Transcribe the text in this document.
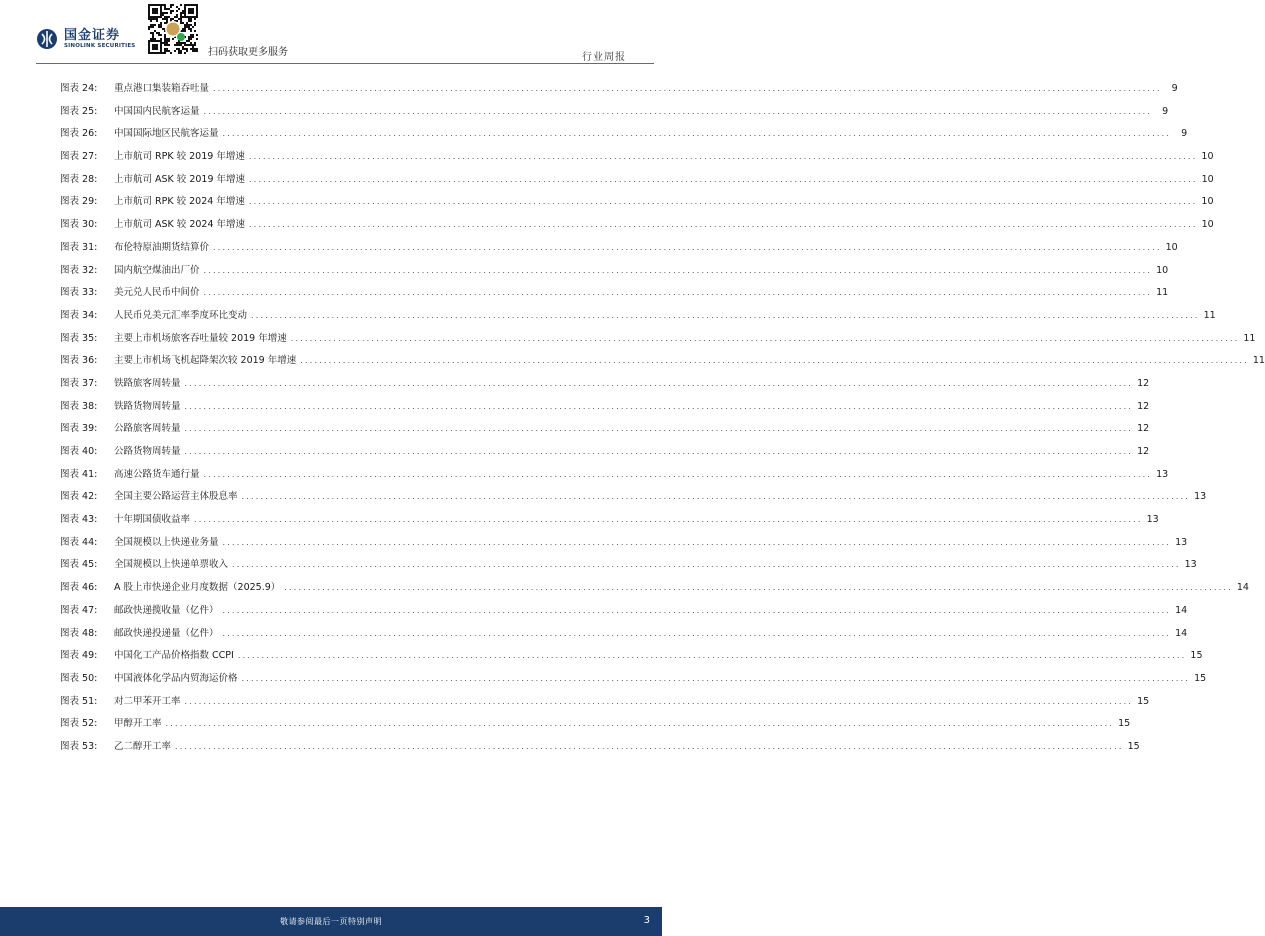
国金证券
SINOLINK SECURITIES
扫码获取更多服务	行业周报
图表 24:	重点港口集装箱吞吐量 ........................................................................................................................................................................................................	9
图表 25:	中国国内民航客运量 ........................................................................................................................................................................................................	9
图表 26:	中国国际地区民航客运量 ........................................................................................................................................................................................................	9
图表 27:	上市航司 RPK 较 2019 年增速 ........................................................................................................................................................................................................ 10
图表 28:	上市航司 ASK 较 2019 年增速 ........................................................................................................................................................................................................ 10
图表 29:	上市航司 RPK 较 2024 年增速 ........................................................................................................................................................................................................ 10
图表 30:	上市航司 ASK 较 2024 年增速 ........................................................................................................................................................................................................ 10
图表 31:	布伦特原油期货结算价 ........................................................................................................................................................................................................ 10
图表 32:	国内航空煤油出厂价 ........................................................................................................................................................................................................ 10
图表 33:	美元兑人民币中间价 ........................................................................................................................................................................................................ 11
图表 34:	人民币兑美元汇率季度环比变动 ........................................................................................................................................................................................................ 11
图表 35:	主要上市机场旅客吞吐量较 2019 年增速 ........................................................................................................................................................................................................ 11
图表 36:	主要上市机场飞机起降架次较 2019 年增速 ........................................................................................................................................................................................................ 11
图表 37:	铁路旅客周转量 ........................................................................................................................................................................................................ 12
图表 38:	铁路货物周转量 ........................................................................................................................................................................................................ 12
图表 39:	公路旅客周转量 ........................................................................................................................................................................................................ 12
图表 40:	公路货物周转量 ........................................................................................................................................................................................................ 12
图表 41:	高速公路货车通行量 ........................................................................................................................................................................................................ 13
图表 42:	全国主要公路运营主体股息率 ........................................................................................................................................................................................................ 13
图表 43:	十年期国债收益率 ........................................................................................................................................................................................................ 13
图表 44:	全国规模以上快递业务量 ........................................................................................................................................................................................................ 13
图表 45:	全国规模以上快递单票收入 ........................................................................................................................................................................................................ 13
图表 46:	A 股上市快递企业月度数据（2025.9） ........................................................................................................................................................................................................ 14
图表 47:	邮政快递揽收量（亿件） ........................................................................................................................................................................................................ 14
图表 48:	邮政快递投递量（亿件） ........................................................................................................................................................................................................ 14
图表 49:	中国化工产品价格指数 CCPI ........................................................................................................................................................................................................ 15
图表 50:	中国液体化学品内贸海运价格 ........................................................................................................................................................................................................ 15
图表 51:	对二甲苯开工率 ........................................................................................................................................................................................................ 15
图表 52:	甲醇开工率 ........................................................................................................................................................................................................ 15
图表 53:	乙二醇开工率 ........................................................................................................................................................................................................ 15
敬请参阅最后一页特别声明	3
